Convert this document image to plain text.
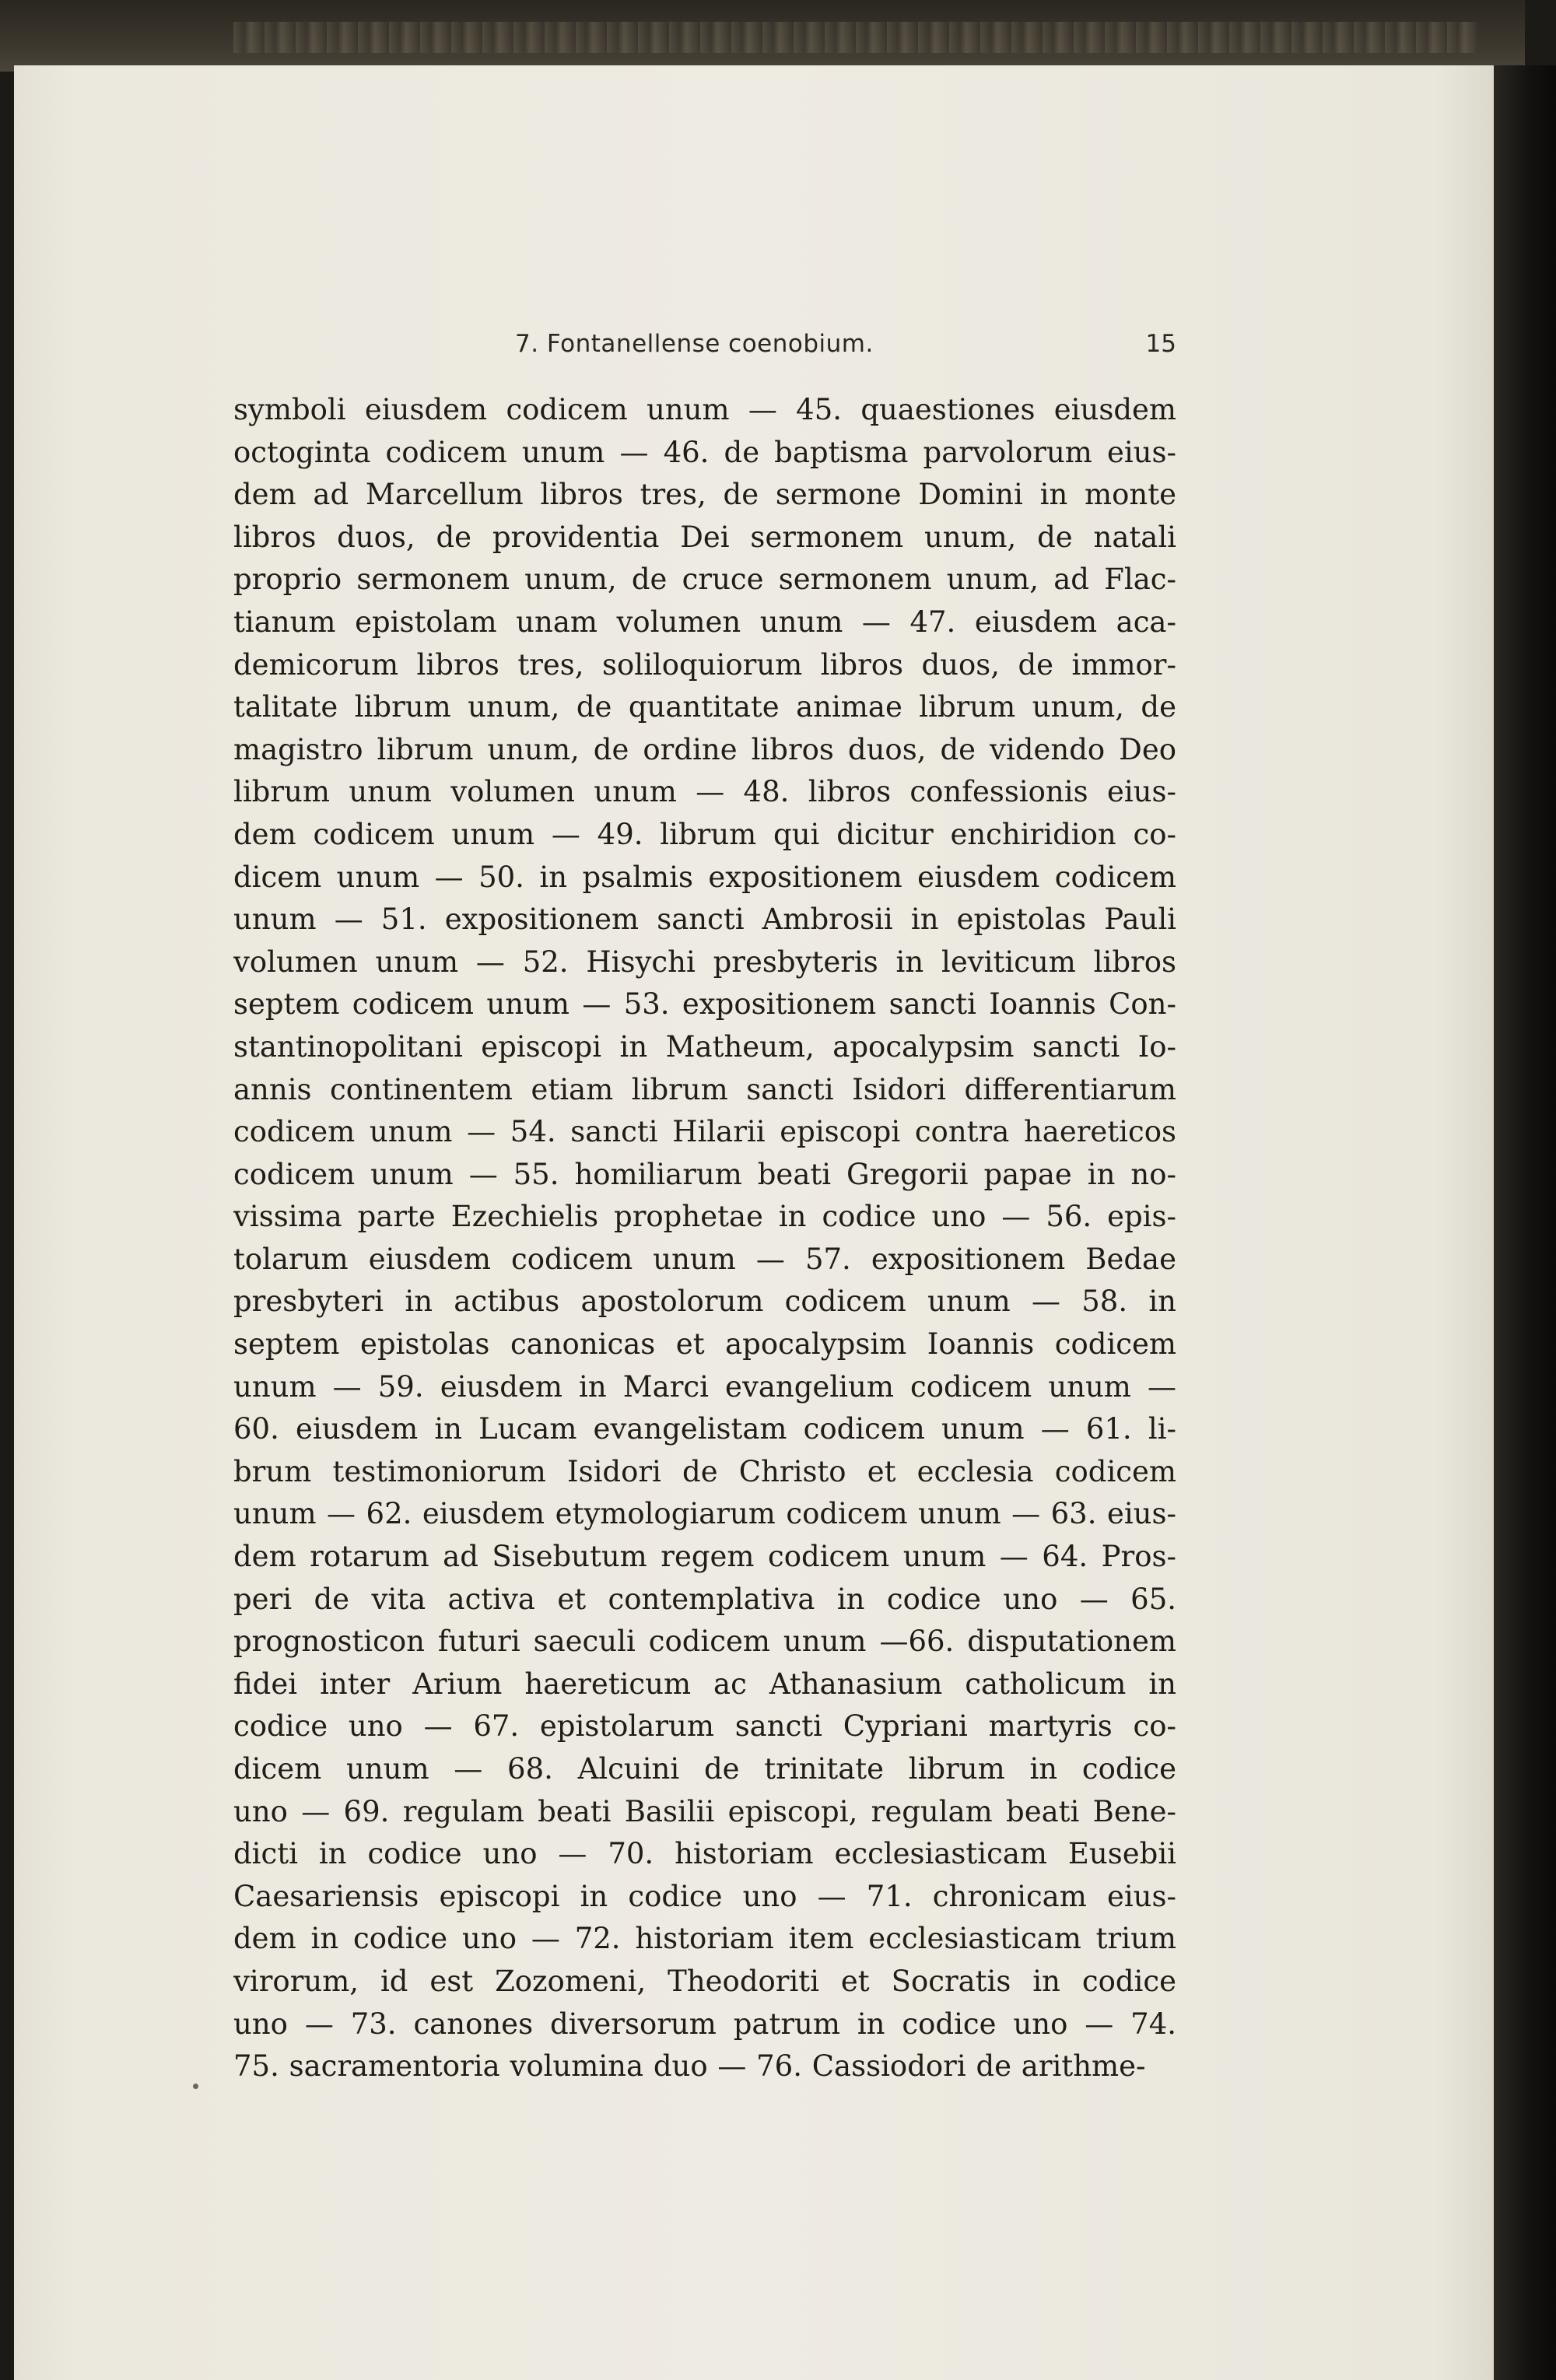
7. Fontanellense coenobium.	15
symboli eiusdem codicem unum — 45. quaestiones eiusdem
octoginta codicem unum — 46. de baptisma parvolorum eius-
dem ad Marcellum libros tres, de sermone Domini in monte
libros duos, de providentia Dei sermonem unum, de natali
proprio sermonem unum, de cruce sermonem unum, ad Flac-
tianum epistolam unam volumen unum — 47. eiusdem aca-
demicorum libros tres, soliloquiorum libros duos, de immor-
talitate librum unum, de quantitate animae librum unum, de
magistro librum unum, de ordine libros duos, de videndo Deo
librum unum volumen unum — 48. libros confessionis eius-
dem codicem unum — 49. librum qui dicitur enchiridion co-
dicem unum — 50. in psalmis expositionem eiusdem codicem
unum — 51. expositionem sancti Ambrosii in epistolas Pauli
volumen unum — 52. Hisychi presbyteris in leviticum libros
septem codicem unum — 53. expositionem sancti Ioannis Con-
stantinopolitani episcopi in Matheum, apocalypsim sancti Io-
annis continentem etiam librum sancti Isidori differentiarum
codicem unum — 54. sancti Hilarii episcopi contra haereticos
codicem unum — 55. homiliarum beati Gregorii papae in no-
vissima parte Ezechielis prophetae in codice uno — 56. epis-
tolarum eiusdem codicem unum — 57. expositionem Bedae
presbyteri in actibus apostolorum codicem unum — 58. in
septem epistolas canonicas et apocalypsim Ioannis codicem
unum — 59. eiusdem in Marci evangelium codicem unum —
60. eiusdem in Lucam evangelistam codicem unum — 61. li-
brum testimoniorum Isidori de Christo et ecclesia codicem
unum — 62. eiusdem etymologiarum codicem unum — 63. eius-
dem rotarum ad Sisebutum regem codicem unum — 64. Pros-
peri de vita activa et contemplativa in codice uno — 65.
prognosticon futuri saeculi codicem unum —66. disputationem
fidei inter Arium haereticum ac Athanasium catholicum in
codice uno — 67. epistolarum sancti Cypriani martyris co-
dicem unum — 68. Alcuini de trinitate librum in codice
uno — 69. regulam beati Basilii episcopi, regulam beati Bene-
dicti in codice uno — 70. historiam ecclesiasticam Eusebii
Caesariensis episcopi in codice uno — 71. chronicam eius-
dem in codice uno — 72. historiam item ecclesiasticam trium
virorum, id est Zozomeni, Theodoriti et Socratis in codice
uno — 73. canones diversorum patrum in codice uno — 74.
75. sacramentoria volumina duo — 76. Cassiodori de arithme-
